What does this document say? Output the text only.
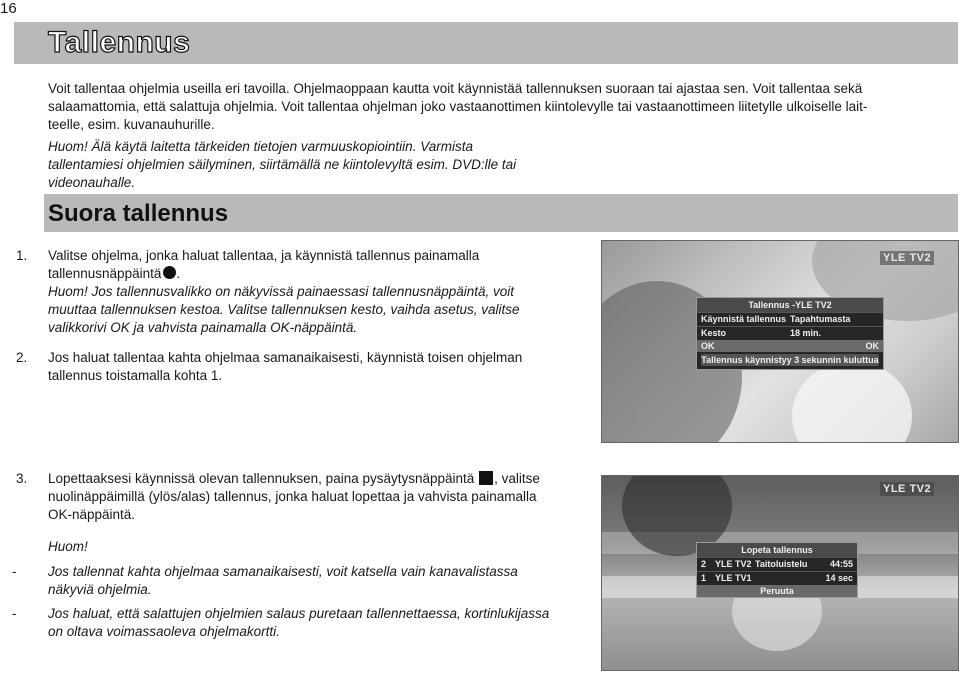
16
Tallennus
Voit tallentaa ohjelmia useilla eri tavoilla. Ohjelmaoppaan kautta voit käynnistää tallennuksen suoraan tai ajastaa sen. Voit tallentaa sekä
salaamattomia, että salattuja ohjelmia. Voit tallentaa ohjelman joko vastaanottimen kiintolevylle tai vastaanottimeen liitetylle ulkoiselle lait-
teelle, esim. kuvanauhurille.
Huom! Älä käytä laitetta tärkeiden tietojen varmuuskopiointiin. Varmista
tallentamiesi ohjelmien säilyminen, siirtämällä ne kiintolevyltä esim. DVD:lle tai
videonauhalle.
Suora tallennus
1. Valitse ohjelma, jonka haluat tallentaa, ja käynnistä tallennus painamalla
tallennusnäppäintä .
Huom! Jos tallennusvalikko on näkyvissä painaessasi tallennusnäppäintä, voit
muuttaa tallennuksen kestoa. Valitse tallennuksen kesto, vaihda asetus, valitse
valikkorivi OK ja vahvista painamalla OK-näppäintä.
2. Jos haluat tallentaa kahta ohjelmaa samanaikaisesti, käynnistä toisen ohjelman
tallennus toistamalla kohta 1.
3. Lopettaaksesi käynnissä olevan tallennuksen, paina pysäytysnäppäintä , valitse
nuolinäppäimillä (ylös/alas) tallennus, jonka haluat lopettaa ja vahvista painamalla
OK-näppäintä.
Huom!
- Jos tallennat kahta ohjelmaa samanaikaisesti, voit katsella vain kanavalistassa
näkyviä ohjelmia.
- Jos haluat, että salattujen ohjelmien salaus puretaan tallennettaessa, kortinlukijassa
on oltava voimassaoleva ohjelmakortti.
YLE TV2
Tallennus -YLE TV2
Käynnistä tallennus Tapahtumasta
Kesto	18 min.
OK	OK
Tallennus käynnistyy 3 sekunnin kuluttua
YLE TV2
Lopeta tallennus
2 YLE TV2 Taitoluistelu	44:55
1 YLE TV1	14 sec
Peruuta
